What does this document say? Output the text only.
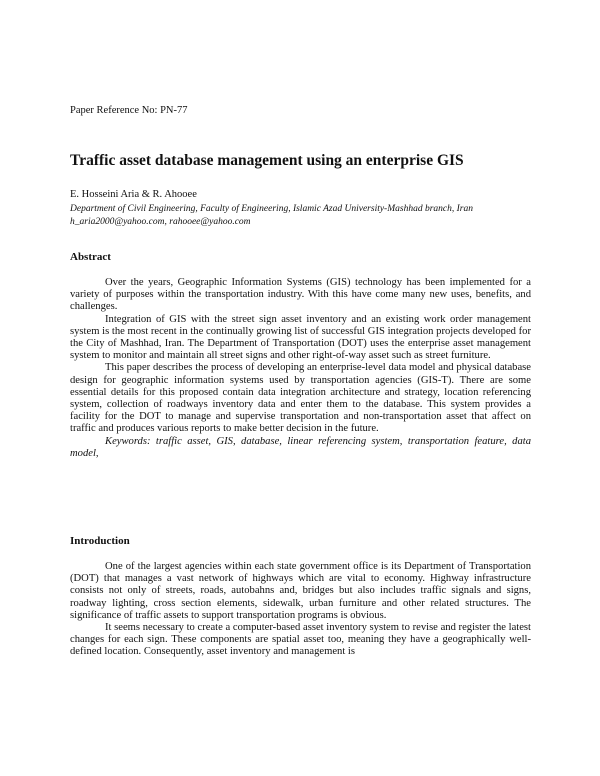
Paper Reference No: PN-77
Traffic asset database management using an enterprise GIS
E. Hosseini Aria & R. Ahooee
Department of Civil Engineering, Faculty of Engineering, Islamic Azad University-Mashhad branch, Iran
h_aria2000@yahoo.com, rahooee@yahoo.com
Abstract

Over the years, Geographic Information Systems (GIS) technology has been implemented for a variety of purposes within the transportation industry. With this have come many new uses, benefits, and challenges.

Integration of GIS with the street sign asset inventory and an existing work order management system is the most recent in the continually growing list of successful GIS integration projects developed for the City of Mashhad, Iran. The Department of Transportation (DOT) uses the enterprise asset management system to monitor and maintain all street signs and other right-of-way asset such as street furniture.

This paper describes the process of developing an enterprise-level data model and physical database design for geographic information systems used by transportation agencies (GIS-T). There are some essential details for this proposed contain data integration architecture and strategy, location referencing system, collection of roadways inventory data and enter them to the database. This system provides a facility for the DOT to manage and supervise transportation and non-transportation asset that affect on traffic and produces various reports to make better decision in the future.

Keywords: traffic asset, GIS, database, linear referencing system, transportation feature, data model,

Introduction

One of the largest agencies within each state government office is its Department of Transportation (DOT) that manages a vast network of highways which are vital to economy. Highway infrastructure consists not only of streets, roads, autobahns and, bridges but also includes traffic signals and signs, roadway lighting, cross section elements, sidewalk, urban furniture and other related structures. The significance of traffic assets to support transportation programs is obvious.

It seems necessary to create a computer-based asset inventory system to revise and register the latest changes for each sign. These components are spatial asset too, meaning they have a geographically well-defined location. Consequently, asset inventory and management is
